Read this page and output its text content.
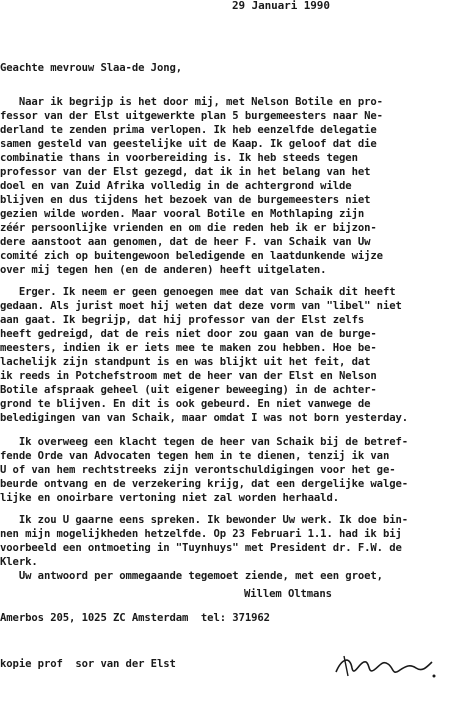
29 Januari 1990
Geachte mevrouw Slaa-de Jong,
Naar ik begrijp is het door mij, met Nelson Botile en pro-
fessor van der Elst uitgewerkte plan 5 burgemeesters naar Ne-
derland te zenden prima verlopen. Ik heb eenzelfde delegatie
samen gesteld van geestelijke uit de Kaap. Ik geloof dat die
combinatie thans in voorbereiding is. Ik heb steeds tegen
professor van der Elst gezegd, dat ik in het belang van het
doel en van Zuid Afrika volledig in de achtergrond wilde
blijven en dus tijdens het bezoek van de burgemeesters niet
gezien wilde worden. Maar vooral Botile en Mothlaping zijn
zéér persoonlijke vrienden en om die reden heb ik er bijzon-
dere aanstoot aan genomen, dat de heer F. van Schaik van Uw
comité zich op buitengewoon beledigende en laatdunkende wijze
over mij tegen hen (en de anderen) heeft uitgelaten.
Erger. Ik neem er geen genoegen mee dat van Schaik dit heeft
gedaan. Als jurist moet hij weten dat deze vorm van "libel" niet
aan gaat. Ik begrijp, dat hij professor van der Elst zelfs
heeft gedreigd, dat de reis niet door zou gaan van de burge-
meesters, indien ik er iets mee te maken zou hebben. Hoe be-
lachelijk zijn standpunt is en was blijkt uit het feit, dat
ik reeds in Potchefstroom met de heer van der Elst en Nelson
Botile afspraak geheel (uit eigener beweeging) in de achter-
grond te blijven. En dit is ook gebeurd. En niet vanwege de
beledigingen van van Schaik, maar omdat I was not born yesterday.
Ik overweeg een klacht tegen de heer van Schaik bij de betref-
fende Orde van Advocaten tegen hem in te dienen, tenzij ik van
U of van hem rechtstreeks zijn verontschuldigingen voor het ge-
beurde ontvang en de verzekering krijg, dat een dergelijke walge-
lijke en onoirbare vertoning niet zal worden herhaald.
Ik zou U gaarne eens spreken. Ik bewonder Uw werk. Ik doe bin-
nen mijn mogelijkheden hetzelfde. Op 23 Februari 1.1. had ik bij
voorbeeld een ontmoeting in "Tuynhuys" met President dr. F.W. de
Klerk.
Uw antwoord per ommegaande tegemoet ziende, met een groet,
Willem Oltmans
Amerbos 205, 1025 ZC Amsterdam  tel: 371962
kopie prof  sor van der Elst
